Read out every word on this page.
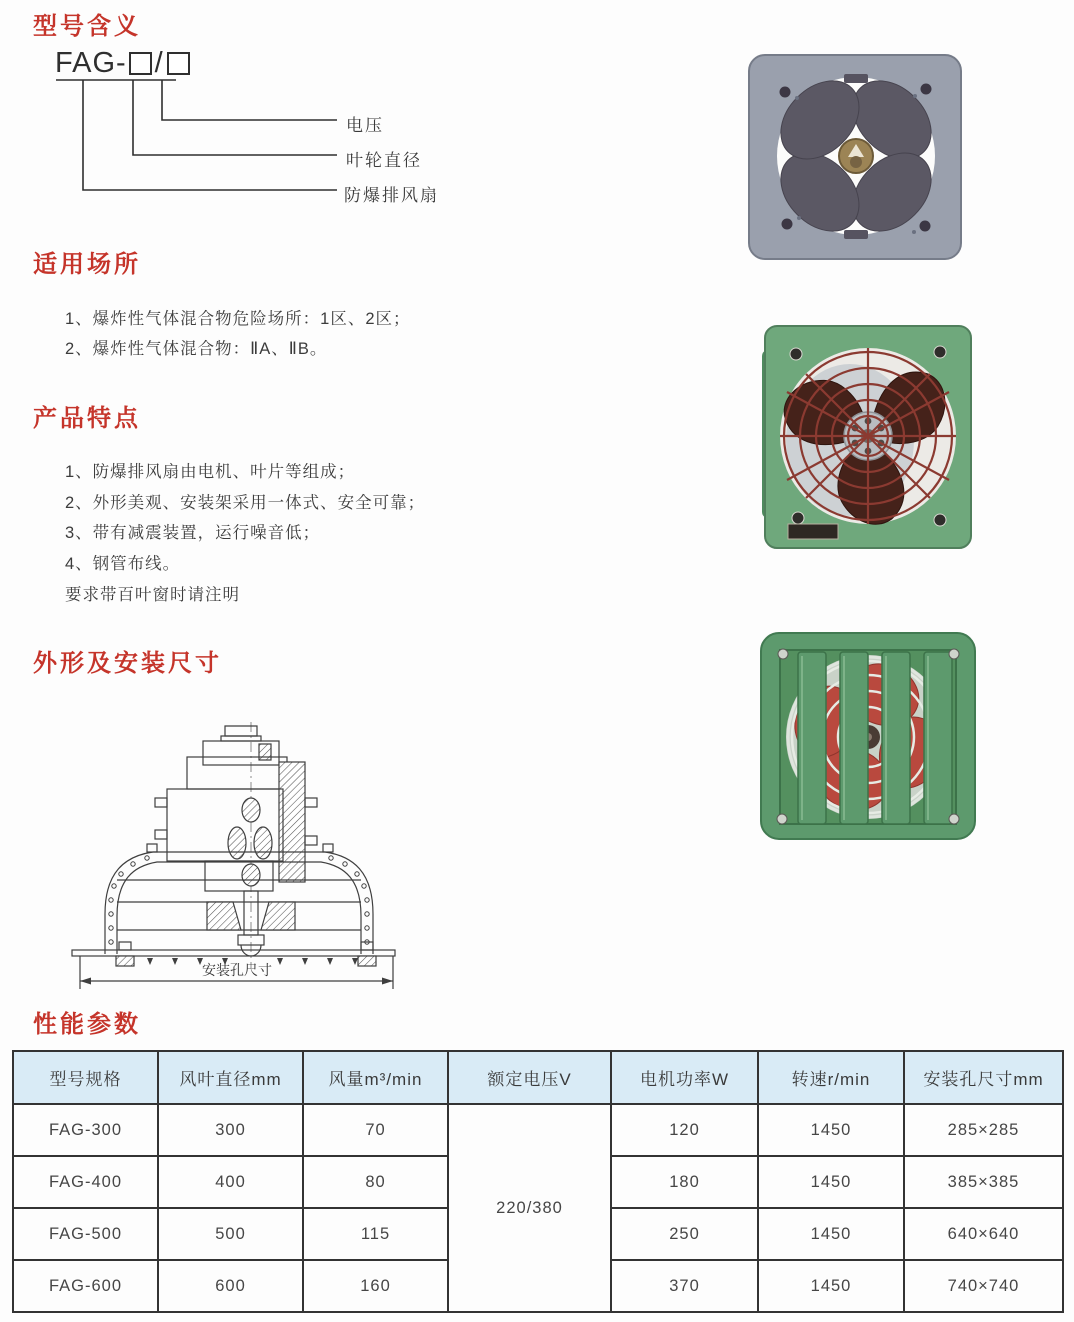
型号含义
FAG- /
电压
叶轮直径
防爆排风扇
适用场所
1、爆炸性气体混合物危险场所：1区、2区；
2、爆炸性气体混合物：ⅡA、ⅡB。
产品特点
1、防爆排风扇由电机、叶片等组成；
2、外形美观、安装架采用一体式、安全可靠；
3、带有减震装置，运行噪音低；
4、钢管布线。
要求带百叶窗时请注明
外形及安装尺寸
安装孔尺寸
性能参数
型号规格	风叶直径mm	风量m³/min	额定电压V	电机功率W	转速r/min	安装孔尺寸mm
FAG-300	300	70	220/380	120	1450	285×285
FAG-400	400	80		180	1450	385×385
FAG-500	500	115		250	1450	640×640
FAG-600	600	160		370	1450	740×740
